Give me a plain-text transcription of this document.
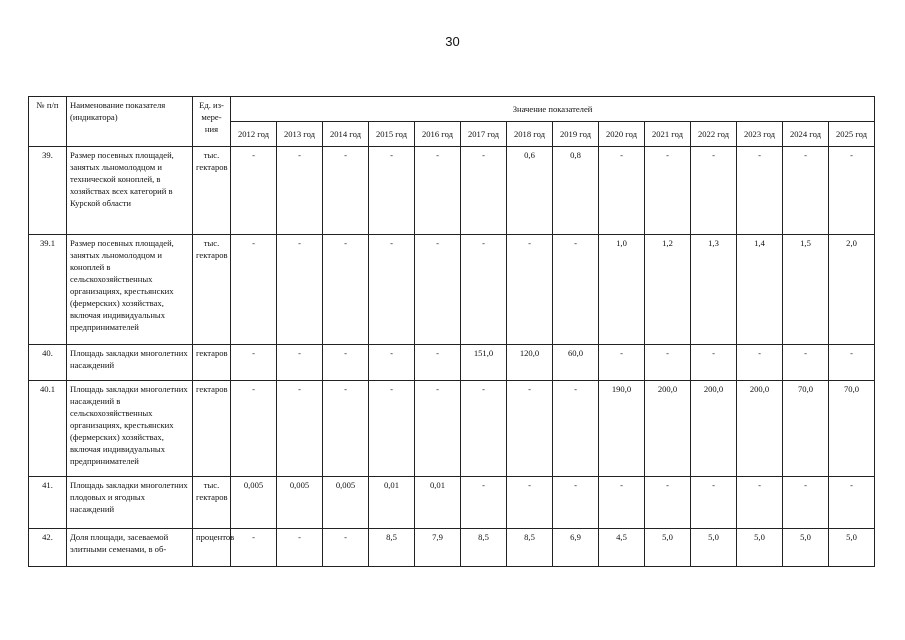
30
№ п/п	Наименование показателя (индикатора)	Ед. из-мере-ния	Значение показателей													
			2012 год	2013 год	2014 год	2015 год	2016 год	2017 год	2018 год	2019 год	2020 год	2021 год	2022 год	2023 год	2024 год	2025 год
39.	Размер посевных площадей, занятых льномолодцом и технической коноплей, в хозяйствах всех категорий в Курской области	тыс. гектаров	-	-	-	-	-	-	0,6	0,8	-	-	-	-	-	-
39.1	Размер посевных площадей, занятых льномолодцом и коноплей в сельскохозяйственных организациях, крестьянских (фермерских) хозяйствах, включая индивидуальных предпринимателей	тыс. гектаров	-	-	-	-	-	-	-	-	1,0	1,2	1,3	1,4	1,5	2,0
40.	Площадь закладки многолетних насаждений	гектаров	-	-	-	-	-	151,0	120,0	60,0	-	-	-	-	-	-
40.1	Площадь закладки многолетних насаждений в сельскохозяйственных организациях, крестьянских (фермерских) хозяйствах, включая индивидуальных предпринимателей	гектаров	-	-	-	-	-	-	-	-	190,0	200,0	200,0	200,0	70,0	70,0
41.	Площадь закладки многолетних плодовых и ягодных насаждений	тыс. гектаров	0,005	0,005	0,005	0,01	0,01	-	-	-	-	-	-	-	-	-
42.	Доля площади, засеваемой элитными семенами, в об-	процентов	-	-	-	8,5	7,9	8,5	8,5	6,9	4,5	5,0	5,0	5,0	5,0	5,0
